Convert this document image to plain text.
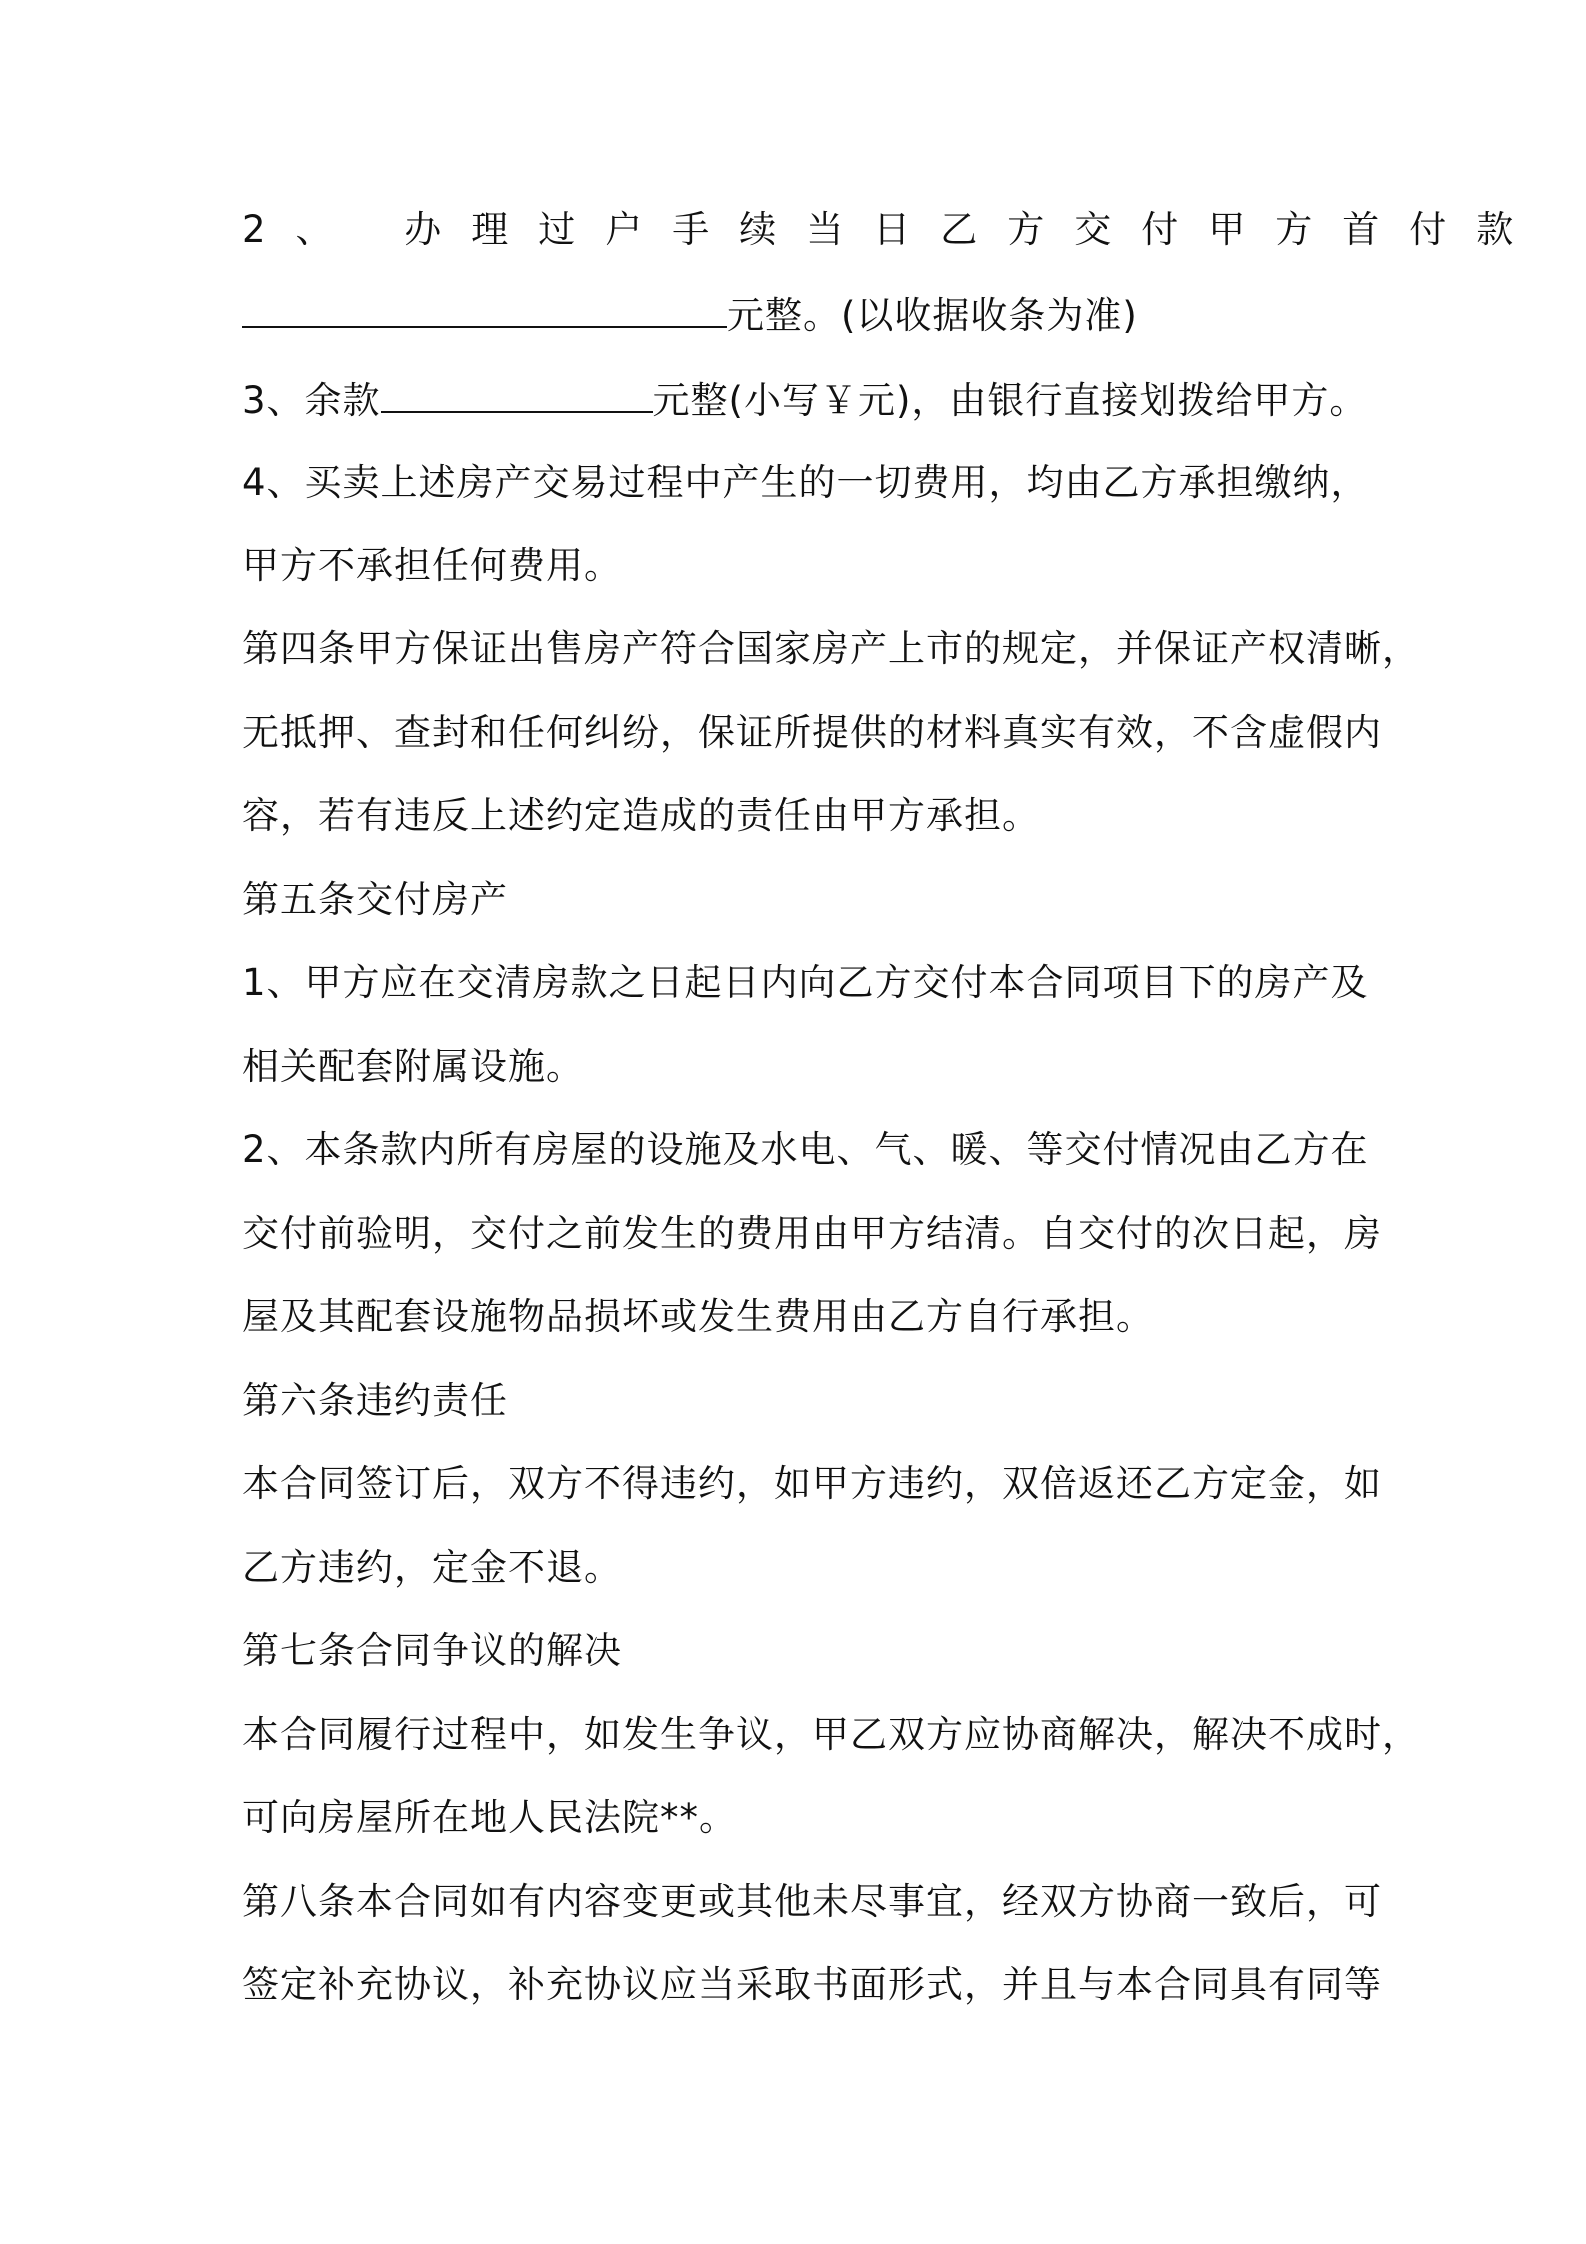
2、 办理过户手续当日乙方交付甲方首付款
元整。(以收据收条为准)
3、余款	元整(小写￥元)，由银行直接划拨给甲方。
4、买卖上述房产交易过程中产生的一切费用，均由乙方承担缴纳，
甲方不承担任何费用。
第四条甲方保证出售房产符合国家房产上市的规定，并保证产权清晰，
无抵押、查封和任何纠纷，保证所提供的材料真实有效，不含虚假内
容，若有违反上述约定造成的责任由甲方承担。
第五条交付房产
1、甲方应在交清房款之日起日内向乙方交付本合同项目下的房产及
相关配套附属设施。
2、本条款内所有房屋的设施及水电、气、暖、等交付情况由乙方在
交付前验明，交付之前发生的费用由甲方结清。自交付的次日起，房
屋及其配套设施物品损坏或发生费用由乙方自行承担。
第六条违约责任
本合同签订后，双方不得违约，如甲方违约，双倍返还乙方定金，如
乙方违约，定金不退。
第七条合同争议的解决
本合同履行过程中，如发生争议，甲乙双方应协商解决，解决不成时，
可向房屋所在地人民法院**。
第八条本合同如有内容变更或其他未尽事宜，经双方协商一致后，可
签定补充协议，补充协议应当采取书面形式，并且与本合同具有同等
